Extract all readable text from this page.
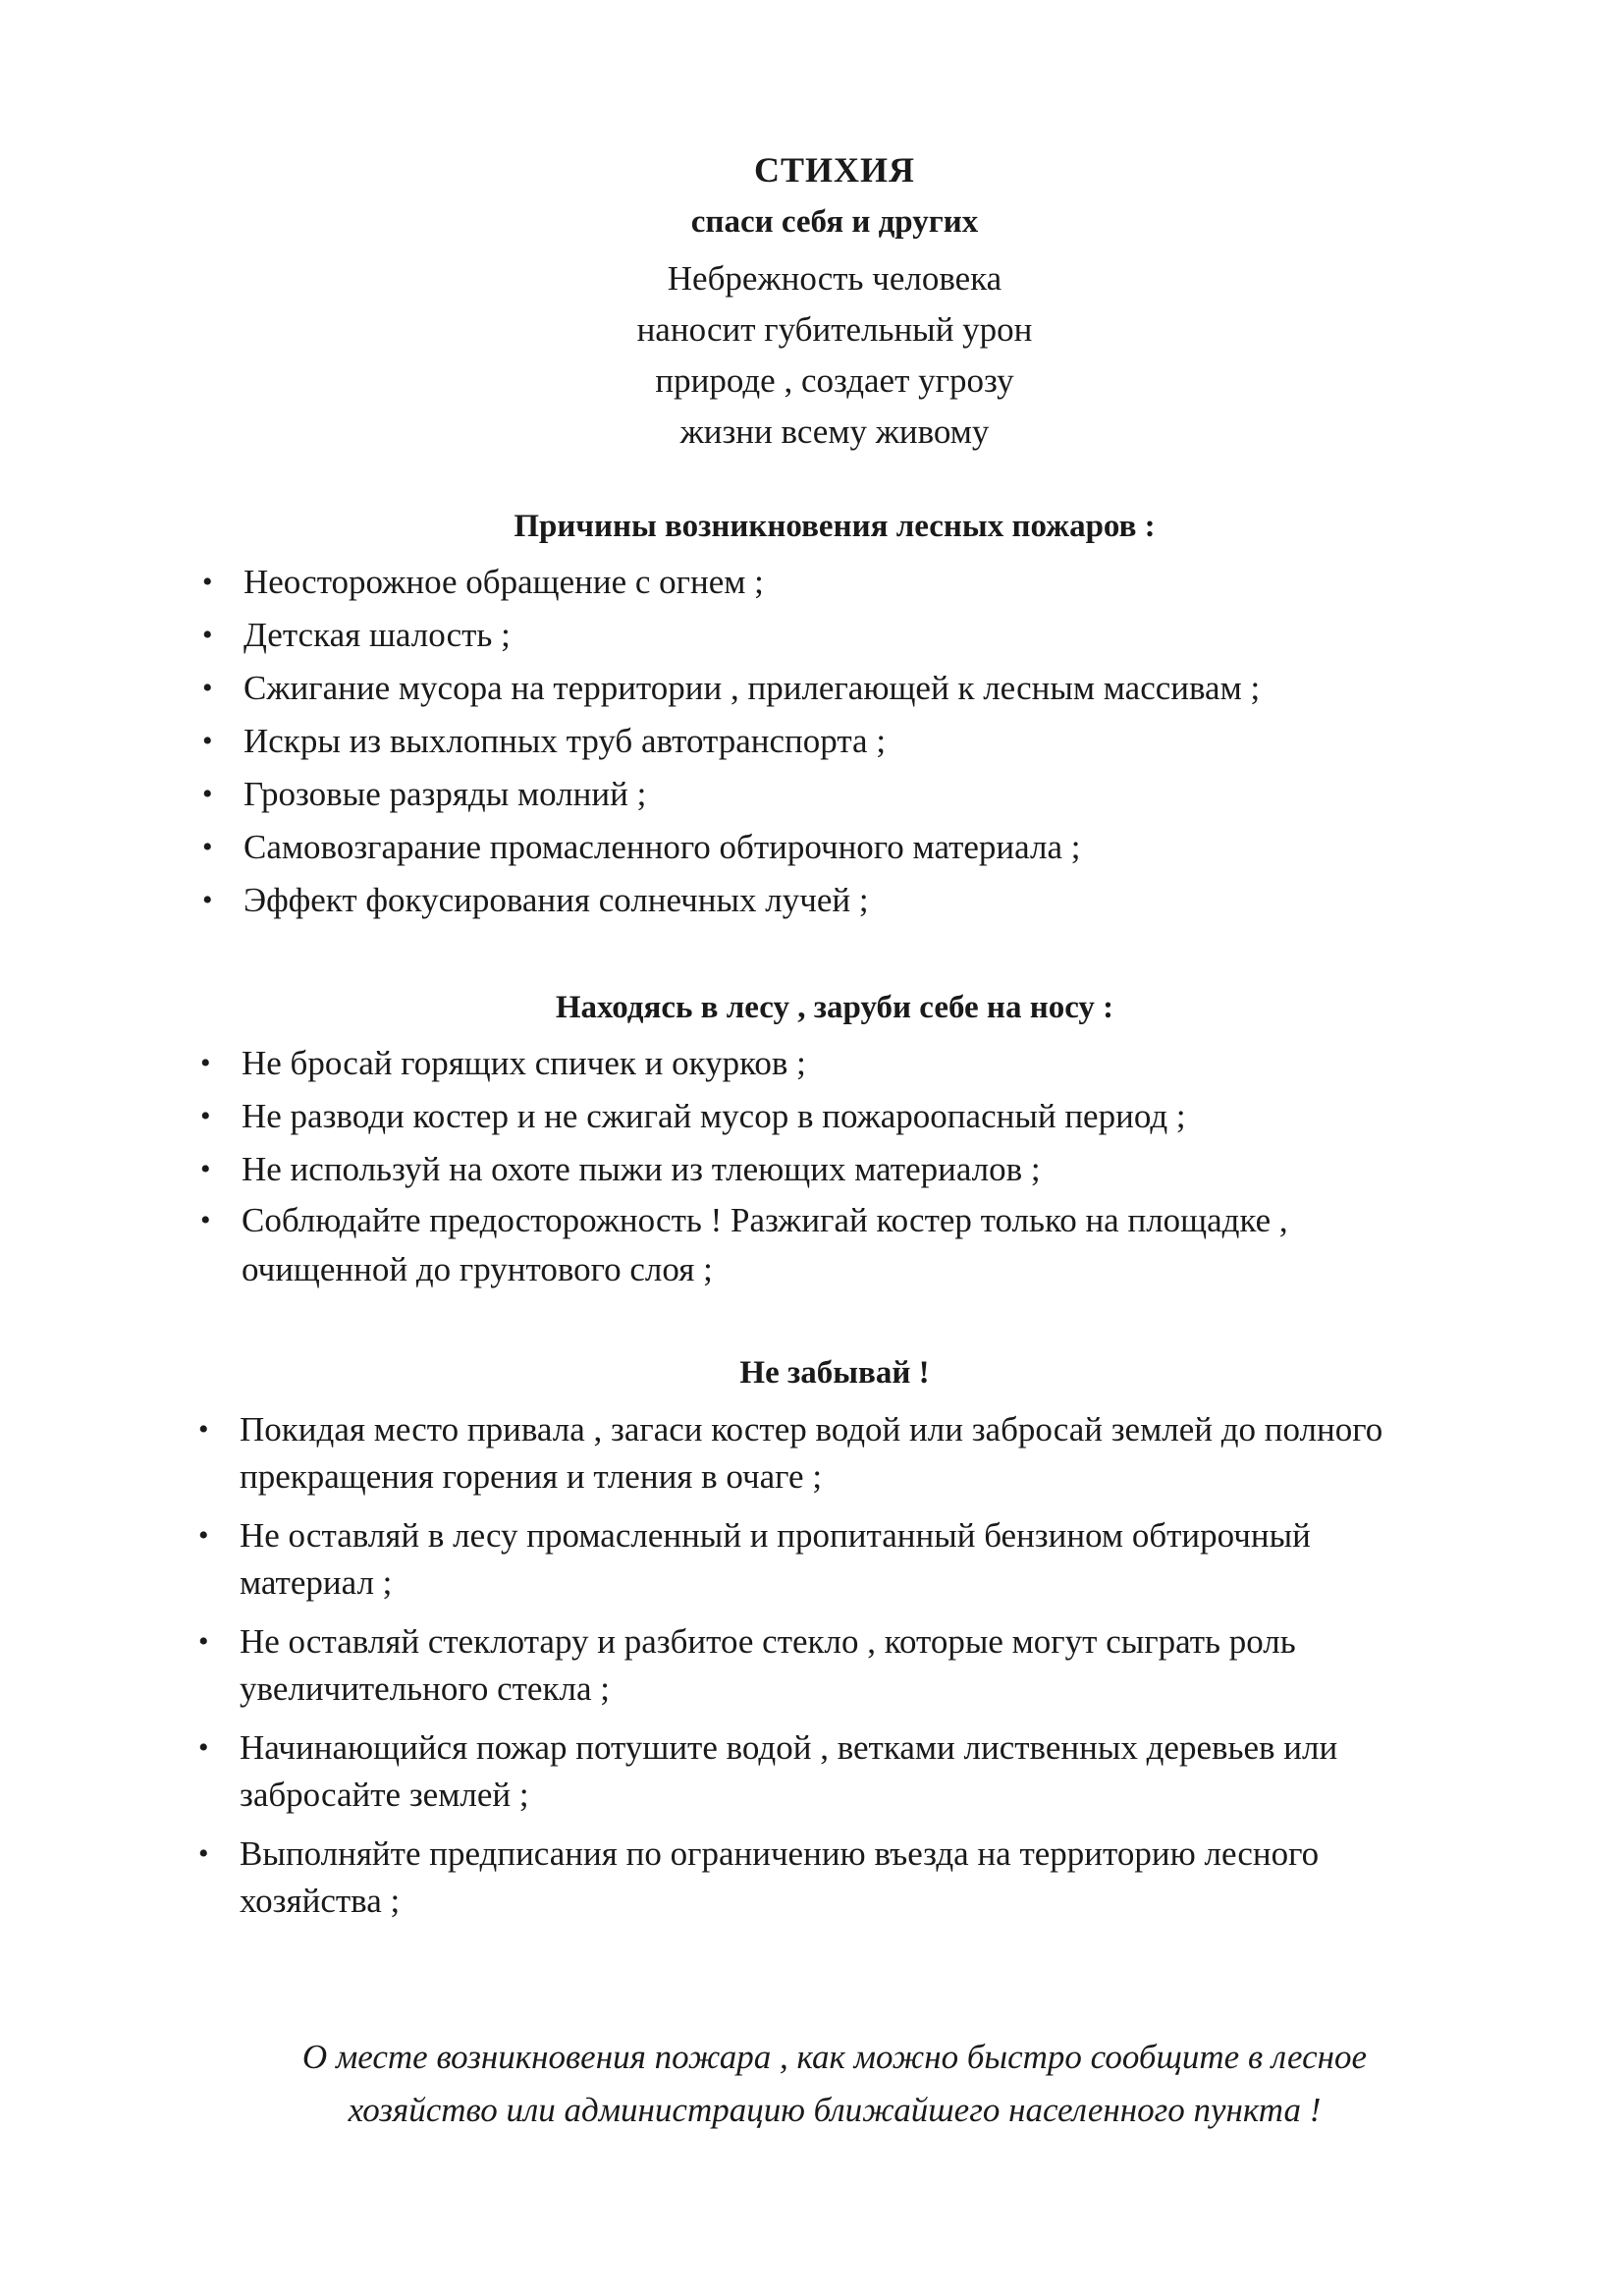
СТИХИЯ
спаси себя и других
Небрежность человека
наносит губительный урон
природе , создает угрозу
жизни всему живому
Причины возникновения лесных пожаров :
• Неосторожное обращение с огнем ;
• Детская шалость ;
• Сжигание мусора на территории , прилегающей к лесным массивам ;
• Искры из выхлопных труб автотранспорта ;
• Грозовые разряды молний ;
• Самовозгарание промасленного обтирочного материала ;
• Эффект фокусирования солнечных лучей ;
Находясь в лесу , заруби себе на носу :
• Не бросай горящих спичек и окурков ;
• Не разводи костер и не сжигай мусор в пожароопасный период ;
• Не используй на охоте пыжи из тлеющих материалов ;
• Соблюдайте предосторожность ! Разжигай костер только на площадке ,
очищенной до грунтового слоя ;
Не забывай !
• Покидая место привала , загаси костер водой или забросай землей до полного
прекращения горения и тления в очаге ;
• Не оставляй в лесу промасленный и пропитанный бензином обтирочный
материал ;
• Не оставляй стеклотару и разбитое стекло , которые могут сыграть роль
увеличительного стекла ;
• Начинающийся пожар потушите водой , ветками лиственных деревьев или
забросайте землей ;
• Выполняйте предписания по ограничению въезда на территорию лесного
хозяйства ;
О месте возникновения пожара , как можно быстро сообщите в лесное
хозяйство или администрацию ближайшего населенного пункта !
